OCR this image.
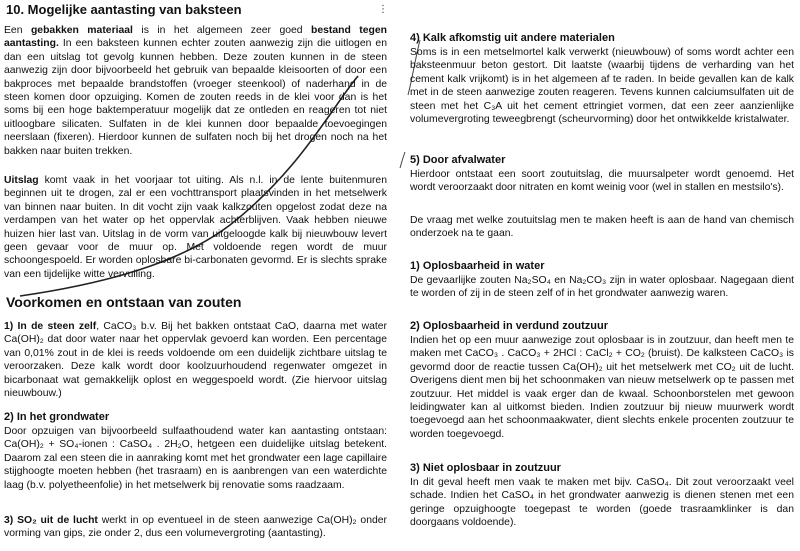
⋮
10. Mogelijke aantasting van baksteen

Een gebakken materiaal is in het algemeen zeer goed bestand tegen aantasting. In een baksteen kunnen echter zouten aanwezig zijn die uitlogen en dan een uitslag tot gevolg kunnen hebben. Deze zouten kunnen in de steen aanwezig zijn door bijvoorbeeld het gebruik van bepaalde kleisoorten of door een bakproces met bepaalde brandstoffen (vroeger steenkool) of naderhand in de steen komen door opzuiging. Komen de zouten reeds in de klei voor dan is het soms bij een hoge baktemperatuur mogelijk dat ze ontleden en reageren tot niet uitloogbare silicaten. Sulfaten in de klei kunnen door bepaalde toevoegingen neerslaan (fixeren). Hierdoor kunnen de sulfaten noch bij het drogen noch na het bakken naar buiten trekken.

Uitslag komt vaak in het voorjaar tot uiting. Als n.l. in de lente buitenmuren beginnen uit te drogen, zal er een vochttransport plaatsvinden in het metselwerk van binnen naar buiten. In dit vocht zijn vaak kalkzouten opgelost zodat deze na verdampen van het water op het oppervlak achterblijven. Vaak hebben nieuwe huizen hier last van. Uitslag in de vorm van uitgeloogde kalk bij nieuwbouw levert geen gevaar voor de muur op. Met voldoende regen wordt de muur schoongespoeld. Er worden oplosbare bi-carbonaten gevormd. Er is slechts sprake van een tijdelijke witte vervuiling.

Voorkomen en ontstaan van zouten

1) In de steen zelf, CaCO₃ b.v. Bij het bakken ontstaat CaO, daarna met water Ca(OH)₂ dat door water naar het oppervlak gevoerd kan worden. Een percentage van 0,01% zout in de klei is reeds voldoende om een duidelijk zichtbare uitslag te veroorzaken. Deze kalk wordt door koolzuurhoudend regenwater omgezet in bicarbonaat wat gemakkelijk oplost en weggespoeld wordt. (Zie hiervoor uitslag nieuwbouw.)

2) In het grondwater

Door opzuigen van bijvoorbeeld sulfaathoudend water kan aantasting ontstaan: Ca(OH)₂ + SO₄-ionen : CaSO₄ . 2H₂O, hetgeen een duidelijke uitslag betekent. Daarom zal een steen die in aanraking komt met het grondwater een lage capillaire stijghoogte moeten hebben (het trasraam) en is aanbrengen van een waterdichte laag (b.v. polyetheenfolie) in het metselwerk bij renovatie soms raadzaam.

3) SO₂ uit de lucht werkt in op eventueel in de steen aanwezige Ca(OH)₂ onder vorming van gips, zie onder 2, dus een volumevergroting (aantasting).

4) Kalk afkomstig uit andere materialen

Soms is in een metselmortel kalk verwerkt (nieuwbouw) of soms wordt achter een baksteenmuur beton gestort. Dit laatste (waarbij tijdens de verharding van het cement kalk vrijkomt) is in het algemeen af te raden. In beide gevallen kan de kalk met in de steen aanwezige zouten reageren. Tevens kunnen calciumsulfaten uit de steen met het C₃A uit het cement ettringiet vormen, dat een zeer aanzienlijke volumevergroting teweegbrengt (scheurvorming) door het ontwikkelde kristalwater.

5) Door afvalwater

Hierdoor ontstaat een soort zoutuitslag, die muursalpeter wordt genoemd. Het wordt veroorzaakt door nitraten en komt weinig voor (wel in stallen en mestsilo's).

De vraag met welke zoutuitslag men te maken heeft is aan de hand van chemisch onderzoek na te gaan.

1) Oplosbaarheid in water

De gevaarlijke zouten Na₂SO₄ en Na₂CO₃ zijn in water oplosbaar. Nagegaan dient te worden of zij in de steen zelf of in het grondwater aanwezig waren.

2) Oplosbaarheid in verdund zoutzuur

Indien het op een muur aanwezige zout oplosbaar is in zoutzuur, dan heeft men te maken met CaCO₃ . CaCO₃ + 2HCl : CaCl₂ + CO₂ (bruist). De kalksteen CaCO₃ is gevormd door de reactie tussen Ca(OH)₂ uit het metselwerk met CO₂ uit de lucht. Overigens dient men bij het schoonmaken van nieuw metselwerk op te passen met zoutzuur. Het middel is vaak erger dan de kwaal. Schoonborstelen met gewoon leidingwater kan al uitkomst bieden. Indien zoutzuur bij nieuw muurwerk wordt toegevoegd aan het schoonmaakwater, dient slechts enkele procenten zoutzuur te worden toegevoegd.

3) Niet oplosbaar in zoutzuur

In dit geval heeft men vaak te maken met bijv. CaSO₄. Dit zout veroorzaakt veel schade. Indien het CaSO₄ in het grondwater aanwezig is dienen stenen met een geringe opzuighoogte toegepast te worden (goede trasraamklinker is dan doorgaans voldoende).
